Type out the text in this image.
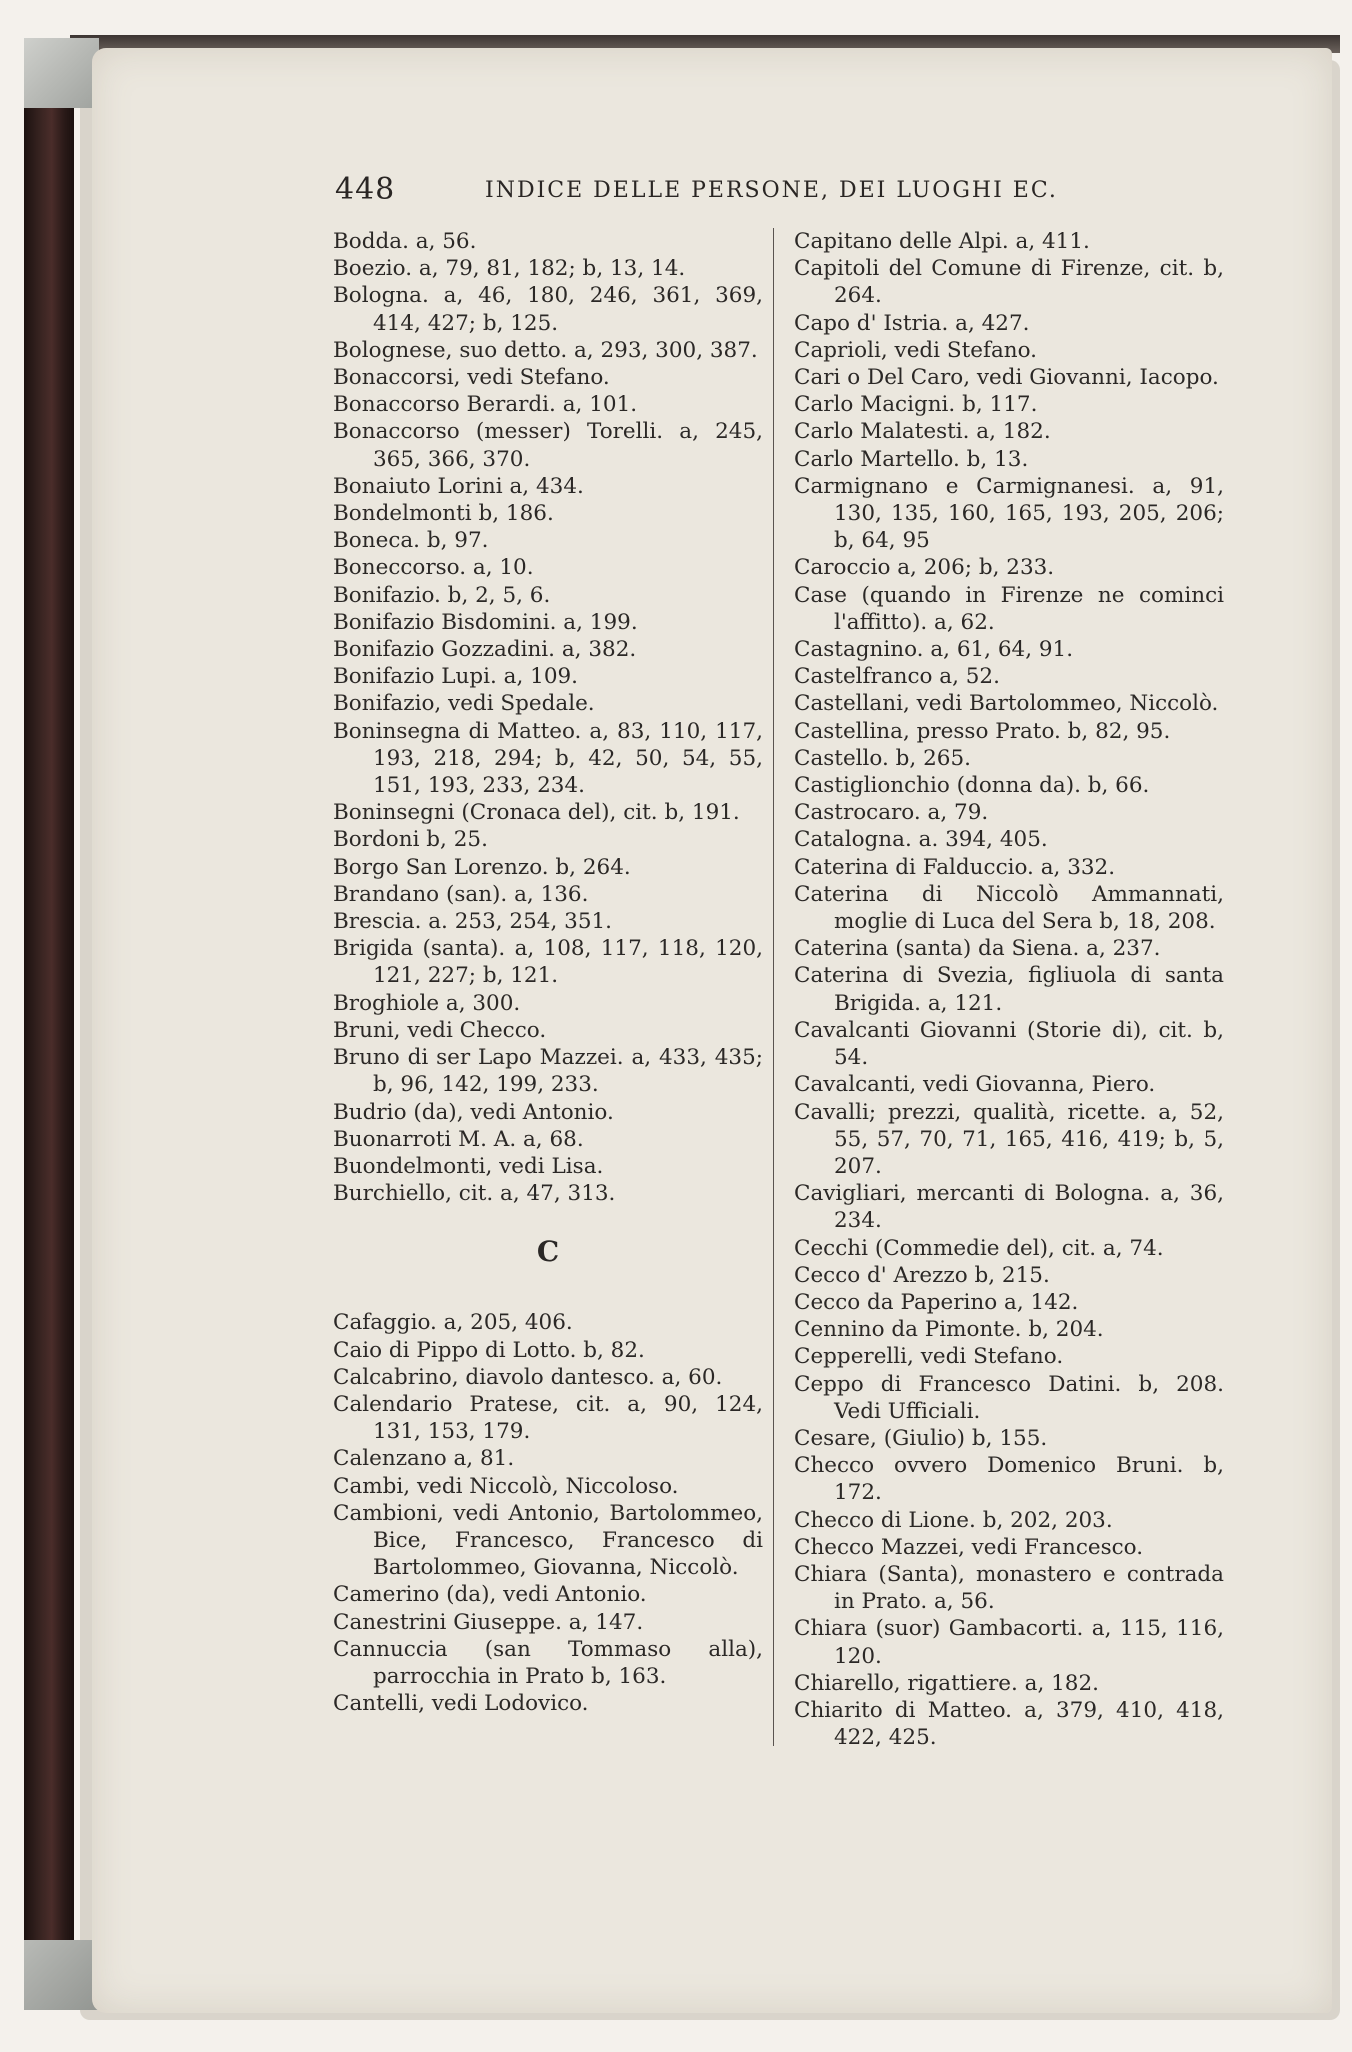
448	INDICE DELLE PERSONE, DEI LUOGHI EC.

Bodda. a, 56.

Boezio. a, 79, 81, 182; b, 13, 14.

Bologna. a, 46, 180, 246, 361, 369, 414, 427; b, 125.

Bolognese, suo detto. a, 293, 300, 387.

Bonaccorsi, vedi Stefano.

Bonaccorso Berardi. a, 101.

Bonaccorso (messer) Torelli. a, 245, 365, 366, 370.

Bonaiuto Lorini a, 434.

Bondelmonti b, 186.

Boneca. b, 97.

Boneccorso. a, 10.

Bonifazio. b, 2, 5, 6.

Bonifazio Bisdomini. a, 199.

Bonifazio Gozzadini. a, 382.

Bonifazio Lupi. a, 109.

Bonifazio, vedi Spedale.

Boninsegna di Matteo. a, 83, 110, 117, 193, 218, 294; b, 42, 50, 54, 55, 151, 193, 233, 234.

Boninsegni (Cronaca del), cit. b, 191.

Bordoni b, 25.

Borgo San Lorenzo. b, 264.

Brandano (san). a, 136.

Brescia. a. 253, 254, 351.

Brigida (santa). a, 108, 117, 118, 120, 121, 227; b, 121.

Broghiole a, 300.

Bruni, vedi Checco.

Bruno di ser Lapo Mazzei. a, 433, 435; b, 96, 142, 199, 233.

Budrio (da), vedi Antonio.

Buonarroti M. A. a, 68.

Buondelmonti, vedi Lisa.

Burchiello, cit. a, 47, 313.

C

Cafaggio. a, 205, 406.

Caio di Pippo di Lotto. b, 82.

Calcabrino, diavolo dantesco. a, 60.

Calendario Pratese, cit. a, 90, 124, 131, 153, 179.

Calenzano a, 81.

Cambi, vedi Niccolò, Niccoloso.

Cambioni, vedi Antonio, Bartolommeo, Bice, Francesco, Francesco di Bartolommeo, Giovanna, Niccolò.

Camerino (da), vedi Antonio.

Canestrini Giuseppe. a, 147.

Cannuccia (san Tommaso alla), parrocchia in Prato b, 163.

Cantelli, vedi Lodovico.

Capitano delle Alpi. a, 411.

Capitoli del Comune di Firenze, cit. b, 264.

Capo d' Istria. a, 427.

Caprioli, vedi Stefano.

Cari o Del Caro, vedi Giovanni, Iacopo.

Carlo Macigni. b, 117.

Carlo Malatesti. a, 182.

Carlo Martello. b, 13.

Carmignano e Carmignanesi. a, 91, 130, 135, 160, 165, 193, 205, 206; b, 64, 95

Caroccio a, 206; b, 233.

Case (quando in Firenze ne cominci l'affitto). a, 62.

Castagnino. a, 61, 64, 91.

Castelfranco a, 52.

Castellani, vedi Bartolommeo, Niccolò.

Castellina, presso Prato. b, 82, 95.

Castello. b, 265.

Castiglionchio (donna da). b, 66.

Castrocaro. a, 79.

Catalogna. a. 394, 405.

Caterina di Falduccio. a, 332.

Caterina di Niccolò Ammannati, moglie di Luca del Sera b, 18, 208.

Caterina (santa) da Siena. a, 237.

Caterina di Svezia, figliuola di santa Brigida. a, 121.

Cavalcanti Giovanni (Storie di), cit. b, 54.

Cavalcanti, vedi Giovanna, Piero.

Cavalli; prezzi, qualità, ricette. a, 52, 55, 57, 70, 71, 165, 416, 419; b, 5, 207.

Cavigliari, mercanti di Bologna. a, 36, 234.

Cecchi (Commedie del), cit. a, 74.

Cecco d' Arezzo b, 215.

Cecco da Paperino a, 142.

Cennino da Pimonte. b, 204.

Cepperelli, vedi Stefano.

Ceppo di Francesco Datini. b, 208. Vedi Ufficiali.

Cesare, (Giulio) b, 155.

Checco ovvero Domenico Bruni. b, 172.

Checco di Lione. b, 202, 203.

Checco Mazzei, vedi Francesco.

Chiara (Santa), monastero e contrada in Prato. a, 56.

Chiara (suor) Gambacorti. a, 115, 116, 120.

Chiarello, rigattiere. a, 182.

Chiarito di Matteo. a, 379, 410, 418, 422, 425.
